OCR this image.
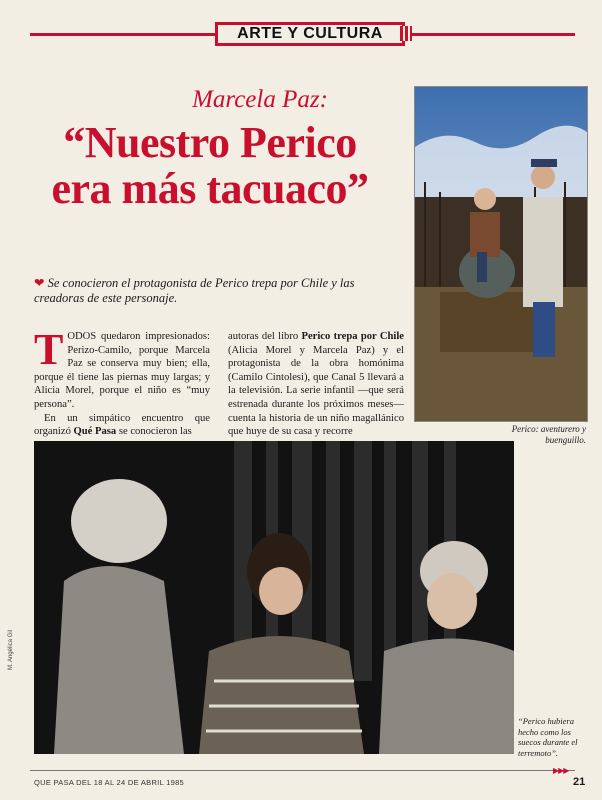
ARTE Y CULTURA
Marcela Paz:
“Nuestro Perico era más tacuaco”
❤ Se conocieron el protagonista de Perico trepa por Chile y las creadoras de este personaje.
TODOS quedaron impresionados: Perizo-Camilo, porque Marcela Paz se conserva muy bien; ella, porque él tiene las piernas muy largas; y Alicia Morel, porque el niño es “muy persona”.
En un simpático encuentro que organizó Qué Pasa se conocieron las
autoras del libro Perico trepa por Chile (Alicia Morel y Marcela Paz) y el protagonista de la obra homónima (Camilo Cintolesi), que Canal 5 llevará a la televisión. La serie infantil —que será estrenada durante los próximos meses— cuenta la historia de un niño magallánico que huye de su casa y recorre	Perico: aventurero y buenguillo.
“Perico hubiera hecho como los suecos durante el terremoto”.
M. Angélica Gil
QUE PASA DEL 18 AL 24 DE ABRIL 1985
▶▶▶
21
